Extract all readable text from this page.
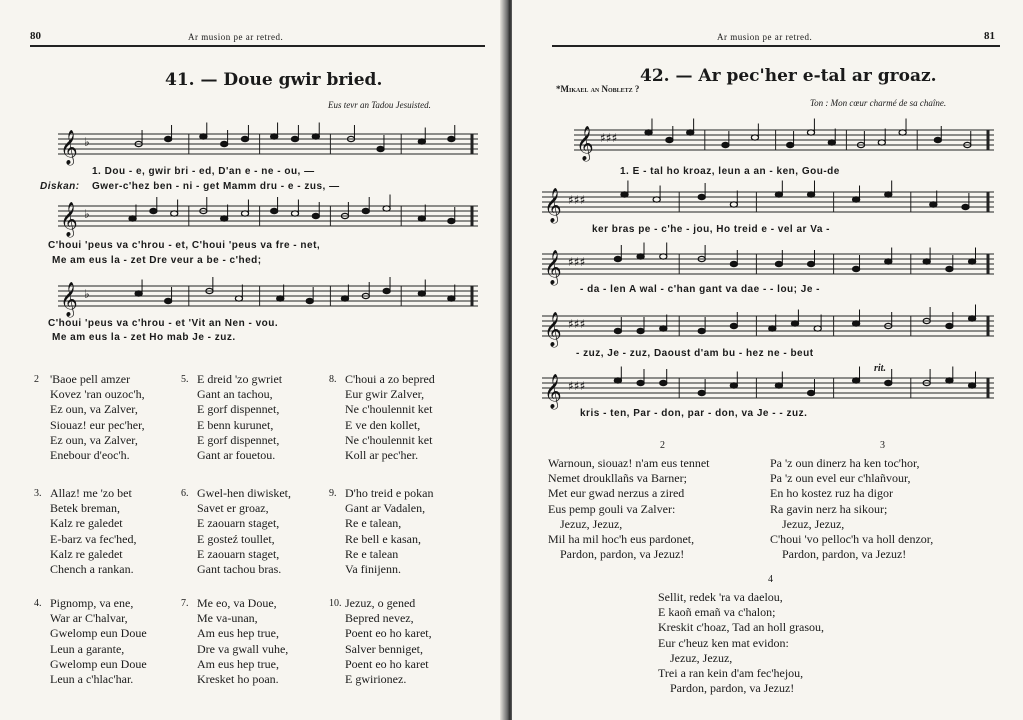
80	Ar musion pe ar retred.
41. — Doue gwir bried.
Eus tevr an Tadou Jesuisted.
𝄞 ♭
1. Dou - e, gwir bri - ed, D'an e - ne - ou, —
Diskan: Gwer-c'hez ben - ni - get Mamm dru - e - zus, —
𝄞 ♭
C'houi 'peus va c'hrou - et, C'houi 'peus va fre - net,
Me am eus la - zet Dre veur a be - c'hed;
𝄞 ♭
C'houi 'peus va c'hrou - et 'Vit an Nen - vou.
Me am eus la - zet Ho mab Je - zuz.
2 'Baoe pell amzer
Kovez 'ran ouzoc'h,
Ez oun, va Zalver,
Siouaz! eur pec'her,
Ez oun, va Zalver,
Enebour d'eoc'h.
5. E dreid 'zo gwriet
Gant an tachou,
E gorf dispennet,
E benn kurunet,
E gorf dispennet,
Gant ar fouetou.
8. C'houi a zo bepred
Eur gwir Zalver,
Ne c'houlennit ket
E ve den kollet,
Ne c'houlennit ket
Koll ar pec'her.
3. Allaz! me 'zo bet
Betek breman,
Kalz re galedet
E-barz va fec'hed,
Kalz re galedet
Chench a rankan.
6. Gwel-hen diwisket,
Savet er groaz,
E zaouarn staget,
E gosteź toullet,
E zaouarn staget,
Gant tachou bras.
9. D'ho treid e pokan
Gant ar Vadalen,
Re e talean,
Re bell e kasan,
Re e talean
Va finijenn.
4. Pignomp, va ene,
War ar C'halvar,
Gwelomp eun Doue
Leun a garante,
Gwelomp eun Doue
Leun a c'hlac'har.
7. Me eo, va Doue,
Me va-unan,
Am eus hep true,
Dre va gwall vuhe,
Am eus hep true,
Kresket ho poan.
10. Jezuz, o gened
Bepred nevez,
Poent eo ho karet,
Salver benniget,
Poent eo ho karet
E gwirionez.
Ar musion pe ar retred.	81
42. — Ar pec'her e-tal ar groaz.
*Mikael an Nobletz ?
Ton : Mon cœur charmé de sa chaîne.
𝄞 ♯♯♯
1. E - tal ho kroaz, leun a an - ken, Gou-de
𝄞 ♯♯♯
ker bras pe - c'he - jou, Ho treid e - vel ar Va -
𝄞 ♯♯♯
- da - len A wal - c'han gant va dae - - lou; Je -
𝄞 ♯♯♯
- zuz, Je - zuz, Daoust d'am bu - hez ne - beut
rit.
𝄞 ♯♯♯
kris - ten, Par - don, par - don, va Je - - zuz.
2	3
4
Warnoun, siouaz! n'am eus tennet
Nemet droukllañs va Barner;
Met eur gwad nerzus a zired
Eus pemp gouli va Zalver:
Jezuz, Jezuz,
Mil ha mil hoc'h eus pardonet,
Pardon, pardon, va Jezuz!
Pa 'z oun dinerz ha ken toc'hor,
Pa 'z oun evel eur c'hlañvour,
En ho kostez ruz ha digor
Ra gavin nerz ha sikour;
Jezuz, Jezuz,
C'houi 'vo pelloc'h va holl denzor,
Pardon, pardon, va Jezuz!
Sellit, redek 'ra va daelou,
E kaoñ emañ va c'halon;
Kreskit c'hoaz, Tad an holl grasou,
Eur c'heuz ken mat evidon:
Jezuz, Jezuz,
Trei a ran kein d'am fec'hejou,
Pardon, pardon, va Jezuz!
